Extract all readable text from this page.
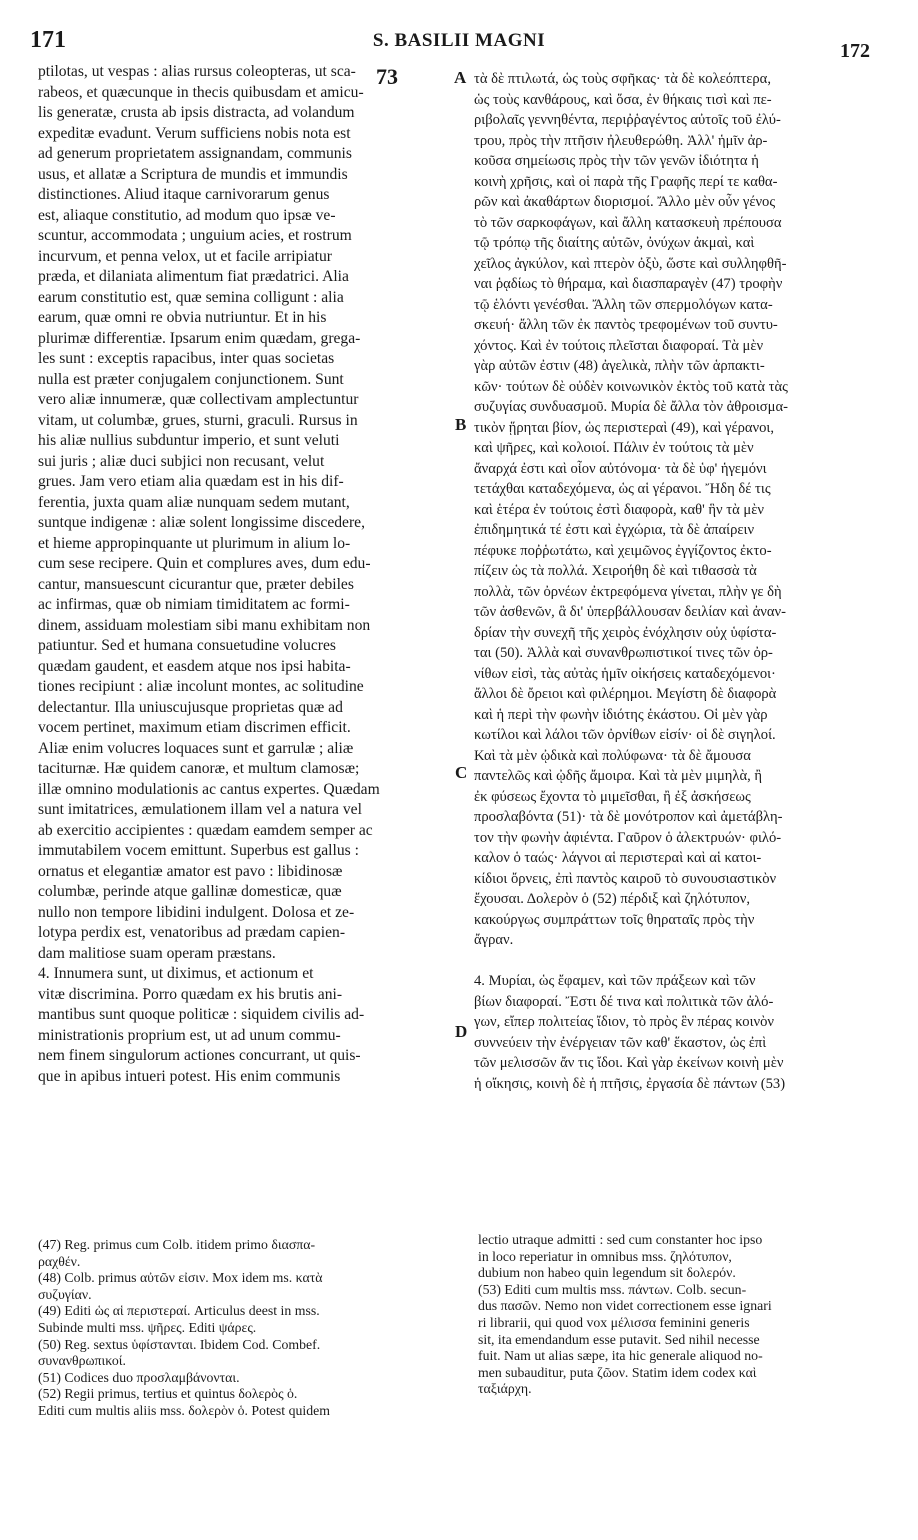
171	S. BASILII MAGNI	172
73	A
B
C
D
ptilotas, ut vespas : alias rursus coleopteras, ut sca-
rabeos, et quæcunque in thecis quibusdam et amicu-
lis generatæ, crusta ab ipsis distracta, ad volandum
expeditæ evadunt. Verum sufficiens nobis nota est
ad generum proprietatem assignandam, communis
usus, et allatæ a Scriptura de mundis et immundis
distinctiones. Aliud itaque carnivorarum genus
est, aliaque constitutio, ad modum quo ipsæ ve-
scuntur, accommodata ; unguium acies, et rostrum
incurvum, et penna velox, ut et facile arripiatur
præda, et dilaniata alimentum fiat prædatrici. Alia
earum constitutio est, quæ semina colligunt : alia
earum, quæ omni re obvia nutriuntur. Et in his
plurimæ differentiæ. Ipsarum enim quædam, grega-
les sunt : exceptis rapacibus, inter quas societas
nulla est præter conjugalem conjunctionem. Sunt
vero aliæ innumeræ, quæ collectivam amplectuntur
vitam, ut columbæ, grues, sturni, graculi. Rursus in
his aliæ nullius subduntur imperio, et sunt veluti
sui juris ; aliæ duci subjici non recusant, velut
grues. Jam vero etiam alia quædam est in his dif-
ferentia, juxta quam aliæ nunquam sedem mutant,
suntque indigenæ : aliæ solent longissime discedere,
et hieme appropinquante ut plurimum in alium lo-
cum sese recipere. Quin et complures aves, dum edu-
cantur, mansuescunt cicurantur que, præter debiles
ac infirmas, quæ ob nimiam timiditatem ac formi-
dinem, assiduam molestiam sibi manu exhibitam non
patiuntur. Sed et humana consuetudine volucres
quædam gaudent, et easdem atque nos ipsi habita-
tiones recipiunt : aliæ incolunt montes, ac solitudine
delectantur. Illa uniuscujusque proprietas quæ ad
vocem pertinet, maximum etiam discrimen efficit.
Aliæ enim volucres loquaces sunt et garrulæ ; aliæ
taciturnæ. Hæ quidem canoræ, et multum clamosæ;
illæ omnino modulationis ac cantus expertes. Quædam
sunt imitatrices, æmulationem illam vel a natura vel
ab exercitio accipientes : quædam eamdem semper ac
immutabilem vocem emittunt. Superbus est gallus :
ornatus et elegantiæ amator est pavo : libidinosæ
columbæ, perinde atque gallinæ domesticæ, quæ
nullo non tempore libidini indulgent. Dolosa et ze-
lotypa perdix est, venatoribus ad prædam capien-
dam malitiose suam operam præstans.
4. Innumera sunt, ut diximus, et actionum et
vitæ discrimina. Porro quædam ex his brutis ani-
mantibus sunt quoque politicæ : siquidem civilis ad-
ministrationis proprium est, ut ad unum commu-
nem finem singulorum actiones concurrant, ut quis-
que in apibus intueri potest. His enim communis
τὰ δὲ πτιλωτά, ὡς τοὺς σφῆκας· τὰ δὲ κολεόπτερα,
ὡς τοὺς κανθάρους, καὶ ὅσα, ἐν θήκαις τισὶ καὶ πε-
ριβολαῖς γεννηθέντα, περιῤῥαγέντος αὐτοῖς τοῦ ἐλύ-
τρου, πρὸς τὴν πτῆσιν ἠλευθερώθη. Ἀλλ' ἡμῖν ἀρ-
κοῦσα σημείωσις πρὸς τὴν τῶν γενῶν ἰδιότητα ἡ
κοινὴ χρῆσις, καὶ οἱ παρὰ τῆς Γραφῆς περί τε καθα-
ρῶν καὶ ἀκαθάρτων διορισμοί. Ἄλλο μὲν οὖν γένος
τὸ τῶν σαρκοφάγων, καὶ ἄλλη κατασκευὴ πρέπουσα
τῷ τρόπῳ τῆς διαίτης αὐτῶν, ὀνύχων ἀκμαὶ, καὶ
χεῖλος ἀγκύλον, καὶ πτερὸν ὀξὺ, ὥστε καὶ συλληφθῆ-
ναι ῥᾳδίως τὸ θήραμα, καὶ διασπαραγὲν (47) τροφὴν
τῷ ἑλόντι γενέσθαι. Ἄλλη τῶν σπερμολόγων κατα-
σκευή· ἄλλη τῶν ἐκ παντὸς τρεφομένων τοῦ συντυ-
χόντος. Καὶ ἐν τούτοις πλεῖσται διαφοραί. Τὰ μὲν
γὰρ αὐτῶν ἐστιν (48) ἀγελικὰ, πλὴν τῶν ἁρπακτι-
κῶν· τούτων δὲ οὐδὲν κοινωνικὸν ἐκτὸς τοῦ κατὰ τὰς
συζυγίας συνδυασμοῦ. Μυρία δὲ ἄλλα τὸν ἀθροισμα-
τικὸν ᾕρηται βίον, ὡς περιστεραὶ (49), καὶ γέρανοι,
καὶ ψῆρες, καὶ κολοιοί. Πάλιν ἐν τούτοις τὰ μὲν
ἄναρχά ἐστι καὶ οἷον αὐτόνομα· τὰ δὲ ὑφ' ἡγεμόνι
τετάχθαι καταδεχόμενα, ὡς αἱ γέρανοι. Ἤδη δέ τις
καὶ ἑτέρα ἐν τούτοις ἐστὶ διαφορὰ, καθ' ἣν τὰ μὲν
ἐπιδημητικά τέ ἐστι καὶ ἐγχώρια, τὰ δὲ ἀπαίρειν
πέφυκε ποῤῥωτάτω, καὶ χειμῶνος ἐγγίζοντος ἐκτο-
πίζειν ὡς τὰ πολλά. Χειροήθη δὲ καὶ τιθασσὰ τὰ
πολλὰ, τῶν ὀρνέων ἐκτρεφόμενα γίνεται, πλὴν γε δὴ
τῶν ἀσθενῶν, ἃ δι' ὑπερβάλλουσαν δειλίαν καὶ ἀναν-
δρίαν τὴν συνεχῆ τῆς χειρὸς ἐνόχλησιν οὐχ ὑφίστα-
ται (50). Ἀλλὰ καὶ συνανθρωπιστικοί τινες τῶν ὀρ-
νίθων εἰσὶ, τὰς αὐτὰς ἡμῖν οἰκήσεις καταδεχόμενοι·
ἄλλοι δὲ ὄρειοι καὶ φιλέρημοι. Μεγίστη δὲ διαφορὰ
καὶ ἡ περὶ τὴν φωνὴν ἰδιότης ἑκάστου. Οἱ μὲν γὰρ
κωτίλοι καὶ λάλοι τῶν ὀρνίθων εἰσίν· οἱ δὲ σιγηλοί.
Καὶ τὰ μὲν ᾠδικὰ καὶ πολύφωνα· τὰ δὲ ἄμουσα
παντελῶς καὶ ᾠδῆς ἄμοιρα. Καὶ τὰ μὲν μιμηλὰ, ἢ
ἐκ φύσεως ἔχοντα τὸ μιμεῖσθαι, ἢ ἐξ ἀσκήσεως
προσλαβόντα (51)· τὰ δὲ μονότροπον καὶ ἀμετάβλη-
τον τὴν φωνὴν ἀφιέντα. Γαῦρον ὁ ἀλεκτρυών· φιλό-
καλον ὁ ταώς· λάγνοι αἱ περιστεραὶ καὶ αἱ κατοι-
κίδιοι ὄρνεις, ἐπὶ παντὸς καιροῦ τὸ συνουσιαστικὸν
ἔχουσαι. Δολερὸν ὁ (52) πέρδιξ καὶ ζηλότυπον,
κακούργως συμπράττων τοῖς θηραταῖς πρὸς τὴν
ἄγραν.
4. Μυρίαι, ὡς ἔφαμεν, καὶ τῶν πράξεων καὶ τῶν
βίων διαφοραί. Ἔστι δέ τινα καὶ πολιτικὰ τῶν ἀλό-
γων, εἴπερ πολιτείας ἴδιον, τὸ πρὸς ἓν πέρας κοινὸν
συννεύειν τὴν ἐνέργειαν τῶν καθ' ἕκαστον, ὡς ἐπὶ
τῶν μελισσῶν ἄν τις ἴδοι. Καὶ γὰρ ἐκείνων κοινὴ μὲν
ἡ οἴκησις, κοινὴ δὲ ἡ πτῆσις, ἐργασία δὲ πάντων (53)
(47) Reg. primus cum Colb. itidem primo διασπα-
ραχθέν.
(48) Colb. primus αὐτῶν εἰσιν. Mox idem ms. κατὰ
συζυγίαν.
(49) Editi ὡς αἱ περιστεραί. Articulus deest in mss.
Subinde multi mss. ψῆρες. Editi ψάρες.
(50) Reg. sextus ὑφίστανται. Ibidem Cod. Combef.
συνανθρωπικοί.
(51) Codices duo προσλαμβάνονται.
(52) Regii primus, tertius et quintus δολερὸς ὁ.
Editi cum multis aliis mss. δολερὸν ὁ. Potest quidem
lectio utraque admitti : sed cum constanter hoc ipso
in loco reperiatur in omnibus mss. ζηλότυπον,
dubium non habeo quin legendum sit δολερόν.
(53) Editi cum multis mss. πάντων. Colb. secun-
dus πασῶν. Nemo non videt correctionem esse ignari
ri librarii, qui quod vox μέλισσα feminini generis
sit, ita emendandum esse putavit. Sed nihil necesse
fuit. Nam ut alias sæpe, ita hic generale aliquod no-
men subauditur, puta ζῶον. Statim idem codex καὶ
ταξιάρχη.
